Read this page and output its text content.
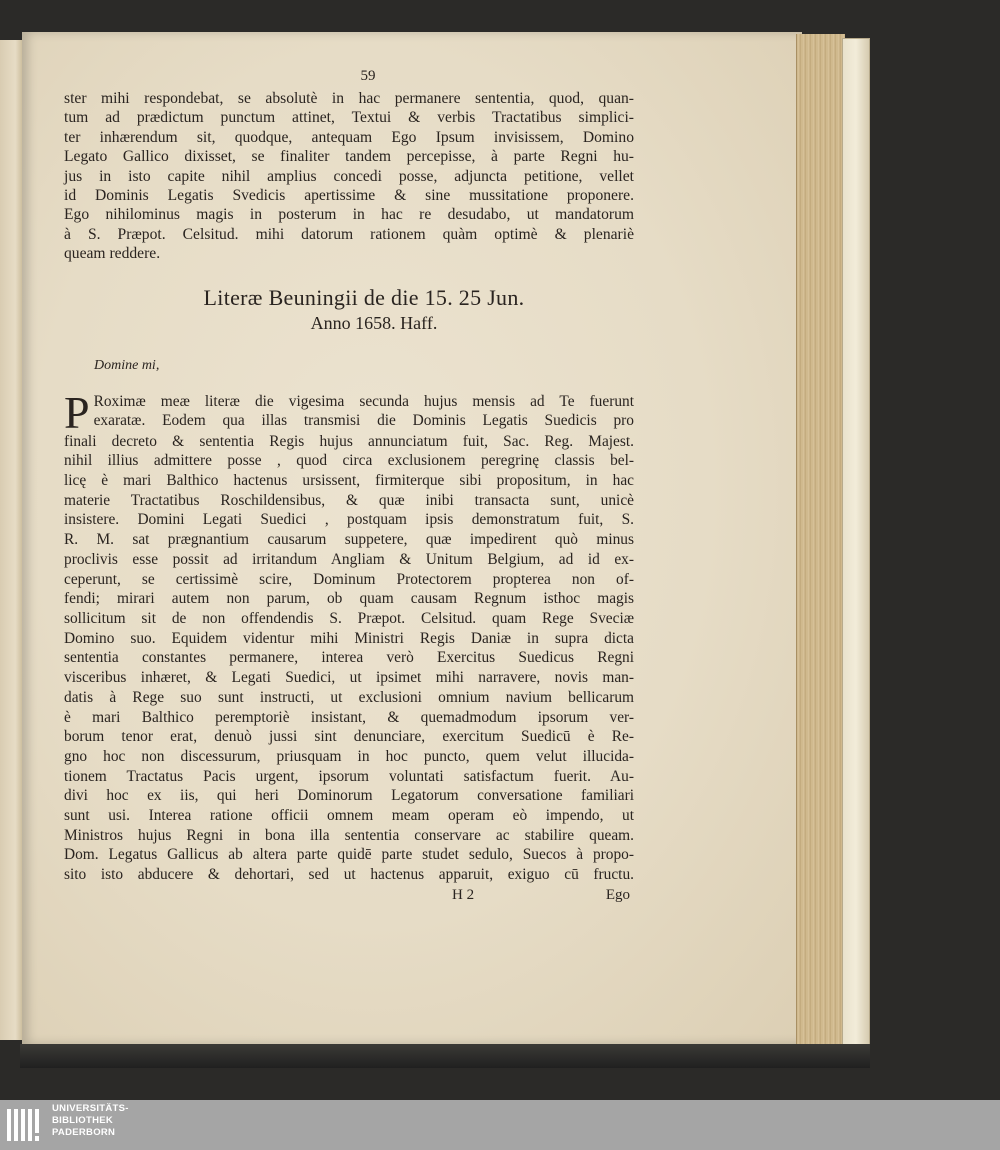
59
ster mihi respondebat, se absolutè in hac permanere sententia, quod, quan-
tum ad prædictum punctum attinet, Textui & verbis Tractatibus simplici-
ter inhærendum sit, quodque, antequam Ego Ipsum invisissem, Domino
Legato Gallico dixisset, se finaliter tandem percepisse, à parte Regni hu-
jus in isto capite nihil amplius concedi posse, adjuncta petitione, vellet
id Dominis Legatis Svedicis apertissime & sine mussitatione proponere.
Ego nihilominus magis in posterum in hac re desudabo, ut mandatorum
à S. Præpot. Celsitud. mihi datorum rationem quàm optimè & plenariè
queam reddere.
Literæ Beuningii de die 15. 25 Jun.
Anno 1658. Haff.
Domine mi,
P Roximæ meæ literæ die vigesima secunda hujus mensis ad Te fuerunt
exaratæ. Eodem qua illas transmisi die Dominis Legatis Suedicis pro
finali decreto & sententia Regis hujus annunciatum fuit, Sac. Reg. Majest.
nihil illius admittere posse , quod circa exclusionem peregrinę classis bel-
licę è mari Balthico hactenus ursissent, firmiterque sibi propositum, in hac
materie Tractatibus Roschildensibus, & quæ inibi transacta sunt, unicè
insistere. Domini Legati Suedici , postquam ipsis demonstratum fuit, S.
R. M. sat prægnantium causarum suppetere, quæ impedirent quò minus
proclivis esse possit ad irritandum Angliam & Unitum Belgium, ad id ex-
ceperunt, se certissimè scire, Dominum Protectorem propterea non of-
fendi; mirari autem non parum, ob quam causam Regnum isthoc magis
sollicitum sit de non offendendis S. Præpot. Celsitud. quam Rege Sveciæ
Domino suo. Equidem videntur mihi Ministri Regis Daniæ in supra dicta
sententia constantes permanere, interea verò Exercitus Suedicus Regni
visceribus inhæret, & Legati Suedici, ut ipsimet mihi narravere, novis man-
datis à Rege suo sunt instructi, ut exclusioni omnium navium bellicarum
è mari Balthico peremptoriè insistant, & quemadmodum ipsorum ver-
borum tenor erat, denuò jussi sint denunciare, exercitum Suedicū è Re-
gno hoc non discessurum, priusquam in hoc puncto, quem velut illucida-
tionem Tractatus Pacis urgent, ipsorum voluntati satisfactum fuerit. Au-
divi hoc ex iis, qui heri Dominorum Legatorum conversatione familiari
sunt usi. Interea ratione officii omnem meam operam eò impendo, ut
Ministros hujus Regni in bona illa sententia conservare ac stabilire queam.
Dom. Legatus Gallicus ab altera parte quidē parte studet sedulo, Suecos à propo-
sito isto abducere & dehortari, sed ut hactenus apparuit, exiguo cū fructu.
H 2	Ego
UNIVERSITÄTS-
BIBLIOTHEK
PADERBORN
